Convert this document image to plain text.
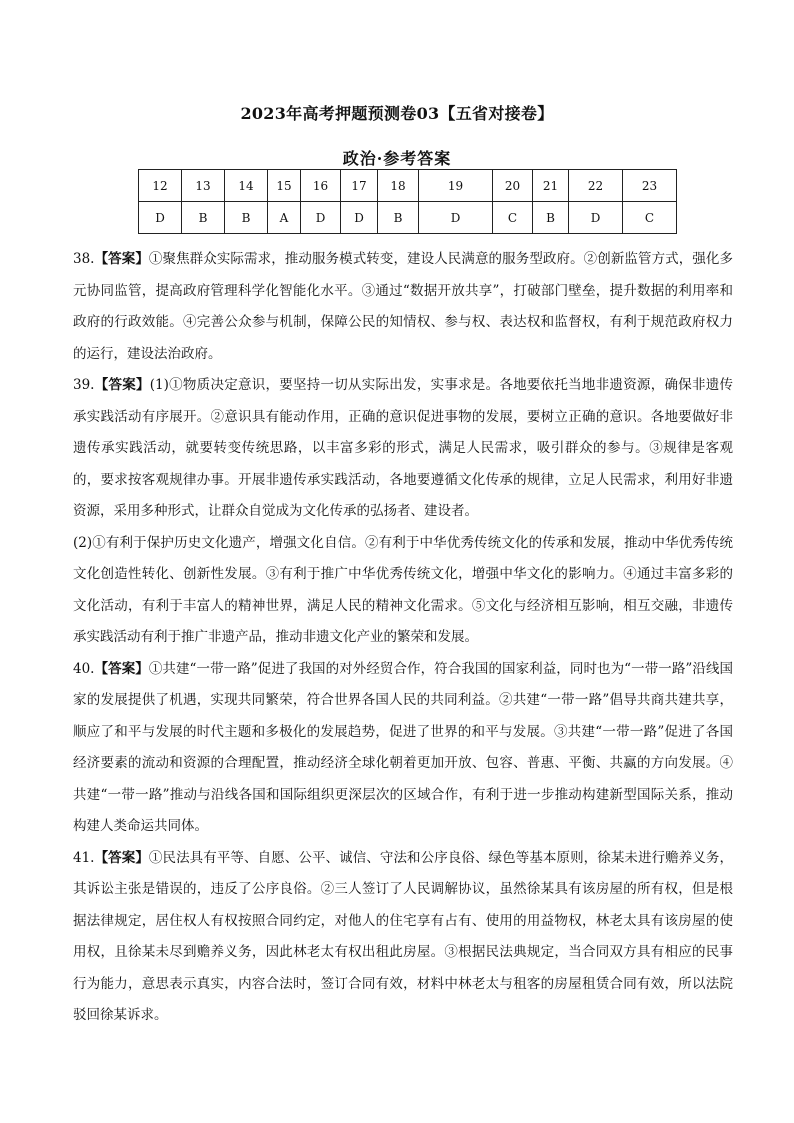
2023年高考押题预测卷03【五省对接卷】
政治·参考答案
12	13	14	15	16	17	18	19	20	21	22	23
D	B	B	A	D	D	B	D	C	B	D	C

38.【答案】①聚焦群众实际需求，推动服务模式转变，建设人民满意的服务型政府。②创新监管方式，强化多元协同监管，提高政府管理科学化智能化水平。③通过“数据开放共享”，打破部门壁垒，提升数据的利用率和政府的行政效能。④完善公众参与机制，保障公民的知情权、参与权、表达权和监督权，有利于规范政府权力的运行，建设法治政府。

39.【答案】(1)①物质决定意识，要坚持一切从实际出发，实事求是。各地要依托当地非遗资源，确保非遗传承实践活动有序展开。②意识具有能动作用，正确的意识促进事物的发展，要树立正确的意识。各地要做好非遗传承实践活动，就要转变传统思路，以丰富多彩的形式，满足人民需求，吸引群众的参与。③规律是客观的，要求按客观规律办事。开展非遗传承实践活动，各地要遵循文化传承的规律，立足人民需求，利用好非遗资源，采用多种形式，让群众自觉成为文化传承的弘扬者、建设者。

(2)①有利于保护历史文化遗产，增强文化自信。②有利于中华优秀传统文化的传承和发展，推动中华优秀传统文化创造性转化、创新性发展。③有利于推广中华优秀传统文化，增强中华文化的影响力。④通过丰富多彩的文化活动，有利于丰富人的精神世界，满足人民的精神文化需求。⑤文化与经济相互影响，相互交融，非遗传承实践活动有利于推广非遗产品，推动非遗文化产业的繁荣和发展。

40.【答案】①共建“一带一路”促进了我国的对外经贸合作，符合我国的国家利益，同时也为“一带一路”沿线国家的发展提供了机遇，实现共同繁荣，符合世界各国人民的共同利益。②共建“一带一路”倡导共商共建共享，顺应了和平与发展的时代主题和多极化的发展趋势，促进了世界的和平与发展。③共建“一带一路”促进了各国经济要素的流动和资源的合理配置，推动经济全球化朝着更加开放、包容、普惠、平衡、共赢的方向发展。④共建“一带一路”推动与沿线各国和国际组织更深层次的区域合作，有利于进一步推动构建新型国际关系，推动构建人类命运共同体。

41.【答案】①民法具有平等、自愿、公平、诚信、守法和公序良俗、绿色等基本原则，徐某未进行赡养义务，其诉讼主张是错误的，违反了公序良俗。②三人签订了人民调解协议，虽然徐某具有该房屋的所有权，但是根据法律规定，居住权人有权按照合同约定，对他人的住宅享有占有、使用的用益物权，林老太具有该房屋的使用权，且徐某未尽到赡养义务，因此林老太有权出租此房屋。③根据民法典规定，当合同双方具有相应的民事行为能力，意思表示真实，内容合法时，签订合同有效，材料中林老太与租客的房屋租赁合同有效，所以法院驳回徐某诉求。
